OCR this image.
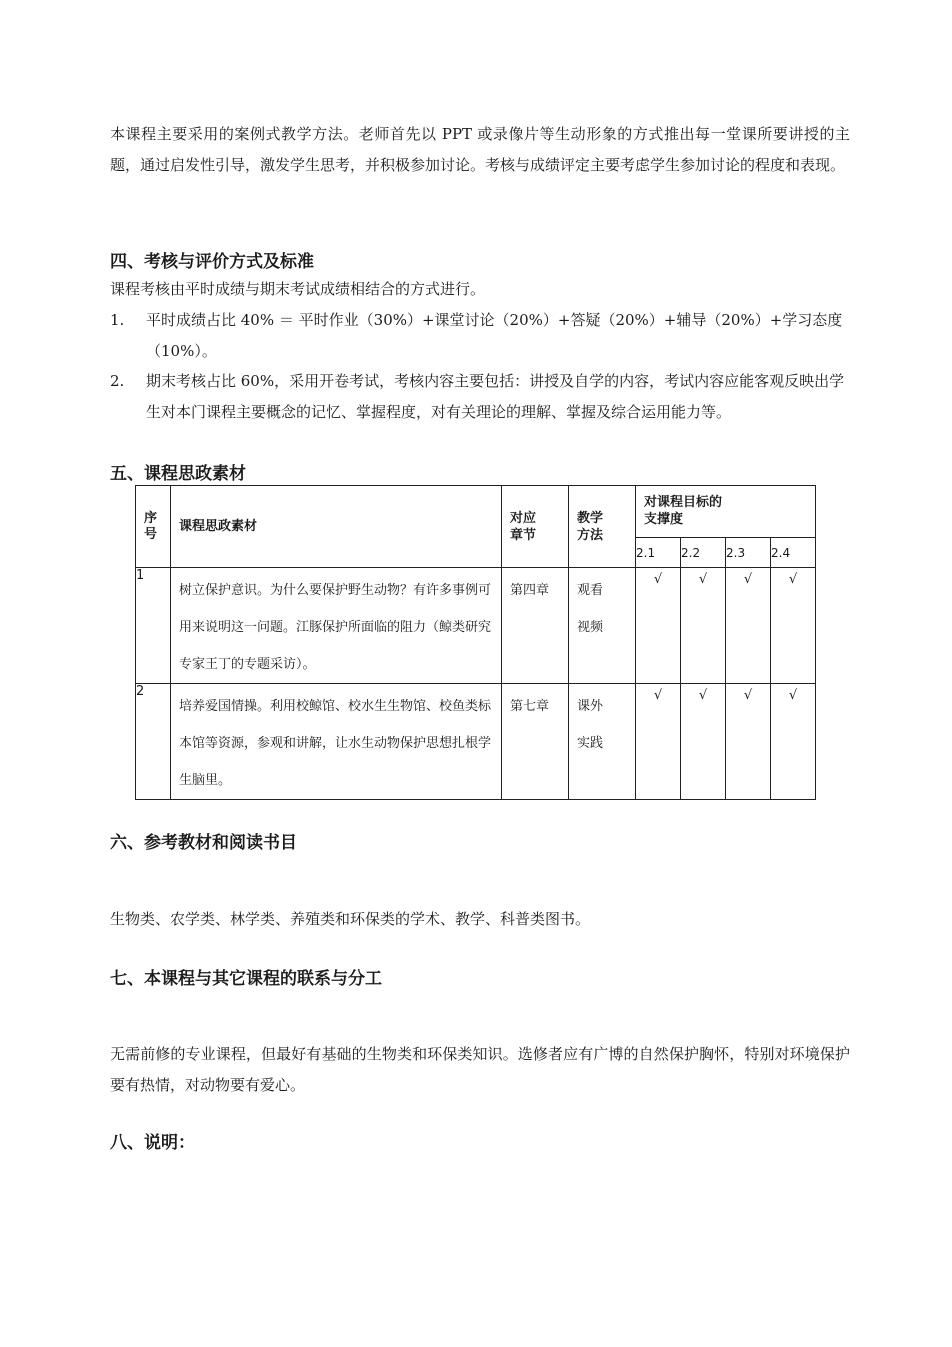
本课程主要采用的案例式教学方法。老师首先以 PPT 或录像片等生动形象的方式推出每一堂课所要讲授的主题，通过启发性引导，激发学生思考，并积极参加讨论。考核与成绩评定主要考虑学生参加讨论的程度和表现。

四、考核与评价方式及标准

课程考核由平时成绩与期末考试成绩相结合的方式进行。

1.	平时成绩占比 40% ＝ 平时作业（30%）+课堂讨论（20%）+答疑（20%）+辅导（20%）+学习态度（10%）。
2.	期末考核占比 60%，采用开卷考试，考核内容主要包括：讲授及自学的内容，考试内容应能客观反映出学生对本门课程主要概念的记忆、掌握程度，对有关理论的理解、掌握及综合运用能力等。
五、课程思政素材
序号	课程思政素材	对应章节	教学方法	对课程目标的支撑度			

				2.1	2.2	2.3	2.4
1	树立保护意识。为什么要保护野生动物？有许多事例可用来说明这一问题。江豚保护所面临的阻力（鲸类研究专家王丁的专题采访）。	第四章	观看视频	√	√	√	√
2	培养爱国情操。利用校鲸馆、校水生生物馆、校鱼类标本馆等资源，参观和讲解，让水生动物保护思想扎根学生脑里。	第七章	课外实践	√	√	√	√
六、参考教材和阅读书目

生物类、农学类、林学类、养殖类和环保类的学术、教学、科普类图书。

七、本课程与其它课程的联系与分工

无需前修的专业课程，但最好有基础的生物类和环保类知识。选修者应有广博的自然保护胸怀，特别对环境保护要有热情，对动物要有爱心。

八、说明：
